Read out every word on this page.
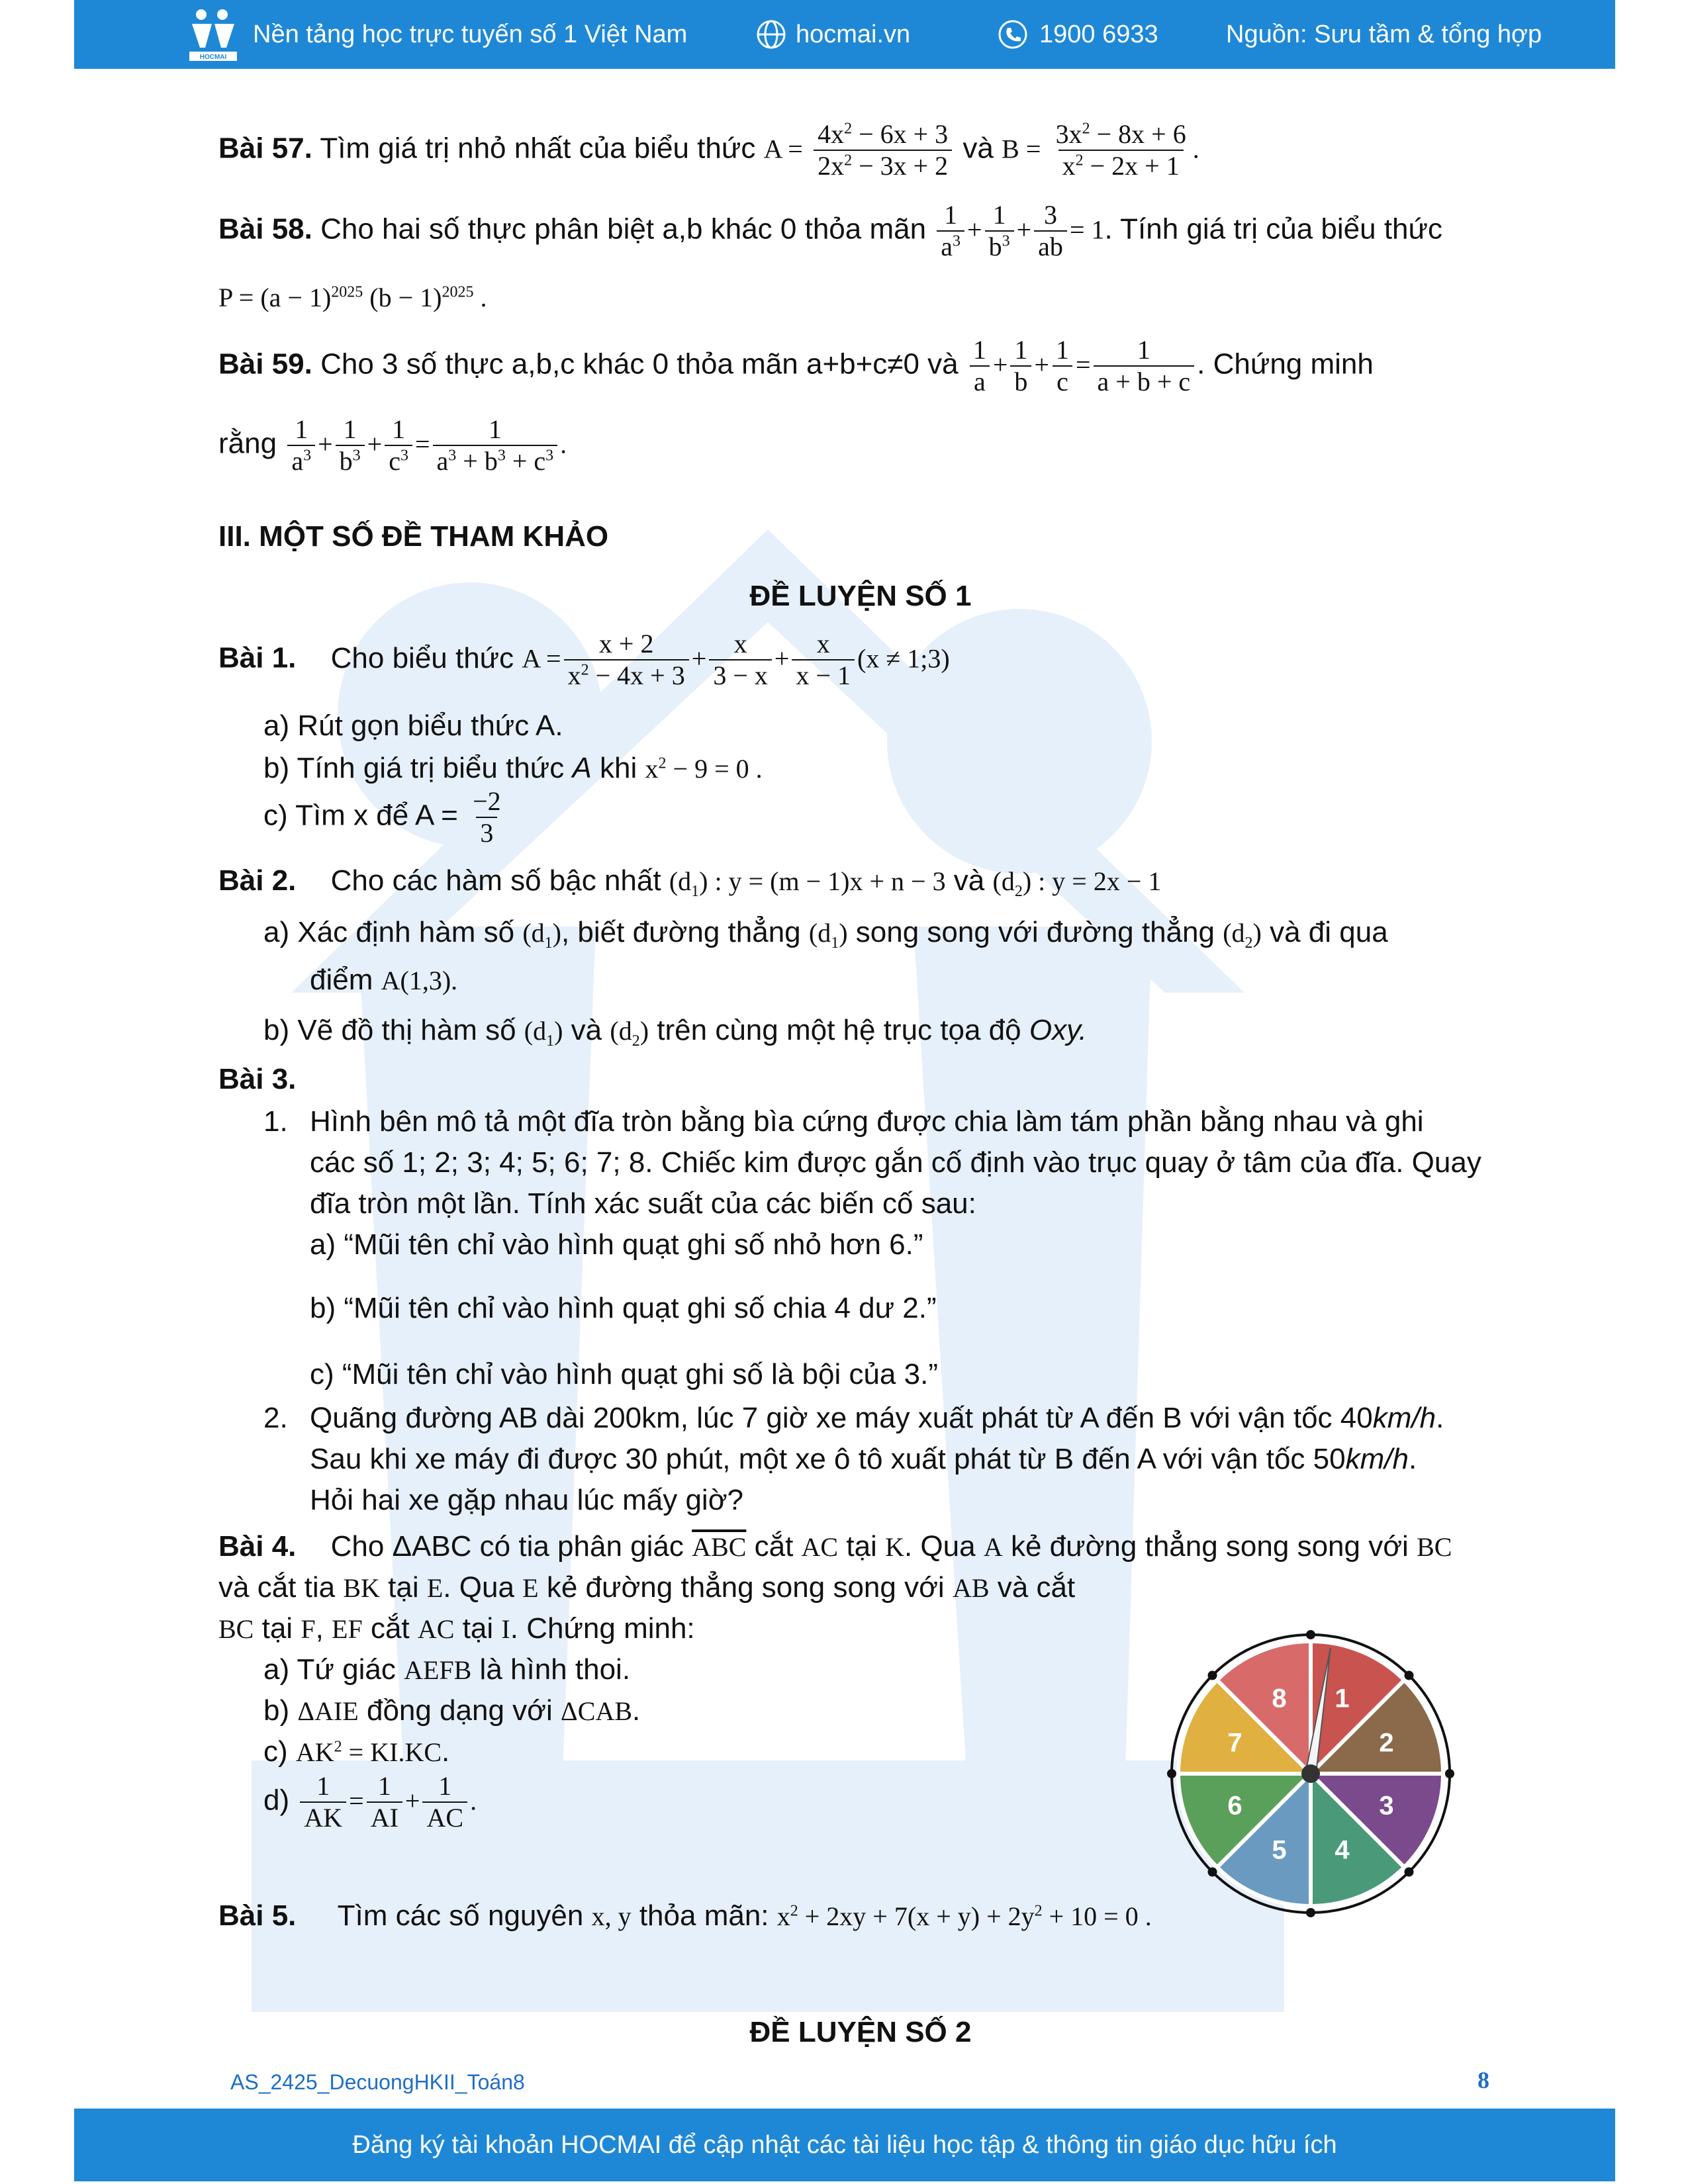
HOCMAI
Nền tảng học trực tuyến số 1 Việt Nam	hocmai.vn	1900 6933	Nguồn: Sưu tầm & tổng hợp
Bài 57. Tìm giá trị nhỏ nhất của biểu thức $A = \frac{4x^2 - 6x + 3}{2x^2 - 3x + 2}$ và $B = \frac{3x^2 - 8x + 6}{x^2 - 2x + 1}$ .
Bài 58. Cho hai số thực phân biệt a,b khác 0 thỏa mãn $\frac{1}{a^3} + \frac{1}{b^3} + \frac{3}{ab} = 1$. Tính giá trị của biểu thức
$P = (a - 1)^{2025}$ $(b - 1)^{2025}$ .
Bài 59. Cho 3 số thực a,b,c khác 0 thỏa mãn a+b+c≠0 và $\frac{1}{a} + \frac{1}{b} + \frac{1}{c} = \frac{1}{a + b + c}$ . Chứng minh
rằng $\frac{1}{a^3} + \frac{1}{b^3} + \frac{1}{c^3} = \frac{1}{a^3 + b^3 + c^3}$ .
III. MỘT SỐ ĐỀ THAM KHẢO
ĐỀ LUYỆN SỐ 1
Bài 1. Cho biểu thức $A = \frac{x + 2}{x^2 - 4x + 3} + \frac{x}{3 - x} + \frac{x}{x - 1} (x$ ≠ 1;3)
a) Rút gọn biểu thức A.
b) Tính giá trị biểu thức A khi $x^2 - 9 = 0$ .
c) Tìm x để $A = \frac{-2}{3}$
Bài 2. Cho các hàm số bậc nhất $(d_1)$ : y = (m − 1)x + n − 3 và $(d_2)$ : y = 2x − 1
a) Xác định hàm số $(d_1)$, biết đường thẳng $(d_1)$ song song với đường thẳng $(d_2)$ và đi qua
điểm A(1,3).
b) Vẽ đồ thị hàm số $(d_1)$ và $(d_2)$ trên cùng một hệ trục tọa độ Oxy.
Bài 3.
1. Hình bên mô tả một đĩa tròn bằng bìa cứng được chia làm tám phần bằng nhau và ghi
các số 1; 2; 3; 4; 5; 6; 7; 8. Chiếc kim được gắn cố định vào trục quay ở tâm của đĩa. Quay
đĩa tròn một lần. Tính xác suất của các biến cố sau:
a) “Mũi tên chỉ vào hình quạt ghi số nhỏ hơn 6.”
b) “Mũi tên chỉ vào hình quạt ghi số chia 4 dư 2.”
c) “Mũi tên chỉ vào hình quạt ghi số là bội của 3.”
2. Quãng đường AB dài 200km, lúc 7 giờ xe máy xuất phát từ A đến B với vận tốc 40km/h.
Sau khi xe máy đi được 30 phút, một xe ô tô xuất phát từ B đến A với vận tốc 50km/h.
Hỏi hai xe gặp nhau lúc mấy giờ?
Bài 4. Cho ΔABC có tia phân giác $\overline{ABC}$ cắt AC tại K. Qua A kẻ đường thẳng song song với BC
và cắt tia BK tại E. Qua E kẻ đường thẳng song song với AB và cắt
BC tại F, EF cắt AC tại I. Chứng minh:
a) Tứ giác AEFB là hình thoi.
b) ΔAIE đồng dạng với ΔCAB.
c) $AK^2 = KI.KC$.
$d) \frac{1}{AK} = \frac{1}{AI} + \frac{1}{AC}$ .
Bài 5. Tìm các số nguyên x, y thỏa mãn: $x^2 + 2xy + 7(x + y) + 2y^2 + 10 = 0$ .
ĐỀ LUYỆN SỐ 2
1
2
3
4
5
6
7
8
AS_2425_DecuongHKII_Toán8	8
Đăng ký tài khoản HOCMAI để cập nhật các tài liệu học tập & thông tin giáo dục hữu ích
